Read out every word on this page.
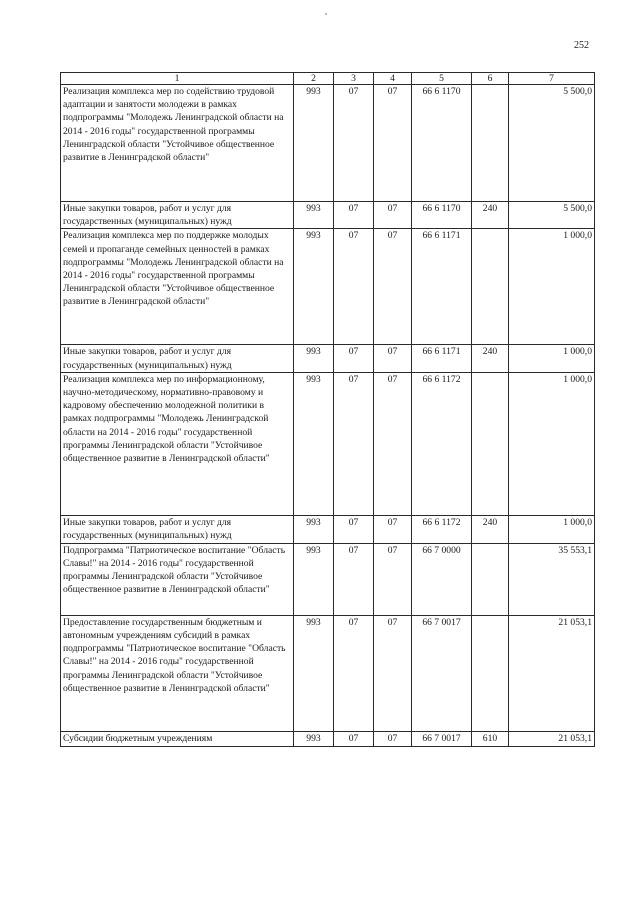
252
1	2	3	4	5	6	7
Реализация комплекса мер по содействию трудовой адаптации и занятости молодежи в рамках подпрограммы "Молодежь Ленинградской области на 2014 - 2016 годы" государственной программы Ленинградской области "Устойчивое общественное развитие в Ленинградской области"	993	07	07	66 6 1170		5 500,0
Иные закупки товаров, работ и услуг для государственных (муниципальных) нужд	993	07	07	66 6 1170	240	5 500,0
Реализация комплекса мер по поддержке молодых семей и пропаганде семейных ценностей в рамках подпрограммы "Молодежь Ленинградской области на 2014 - 2016 годы" государственной программы Ленинградской области "Устойчивое общественное развитие в Ленинградской области"	993	07	07	66 6 1171		1 000,0
Иные закупки товаров, работ и услуг для государственных (муниципальных) нужд	993	07	07	66 6 1171	240	1 000,0
Реализация комплекса мер по информационному, научно-методическому, нормативно-правовому и кадровому обеспечению молодежной политики в рамках подпрограммы "Молодежь Ленинградской области на 2014 - 2016 годы" государственной программы Ленинградской области "Устойчивое общественное развитие в Ленинградской области"	993	07	07	66 6 1172		1 000,0
Иные закупки товаров, работ и услуг для государственных (муниципальных) нужд	993	07	07	66 6 1172	240	1 000,0
Подпрограмма "Патриотическое воспитание "Область Славы!" на 2014 - 2016 годы" государственной программы Ленинградской области "Устойчивое общественное развитие в Ленинградской области"	993	07	07	66 7 0000		35 553,1
Предоставление государственным бюджетным и автономным учреждениям субсидий в рамках подпрограммы "Патриотическое воспитание "Область Славы!" на 2014 - 2016 годы" государственной программы Ленинградской области "Устойчивое общественное развитие в Ленинградской области"	993	07	07	66 7 0017		21 053,1
Субсидии бюджетным учреждениям	993	07	07	66 7 0017	610	21 053,1
